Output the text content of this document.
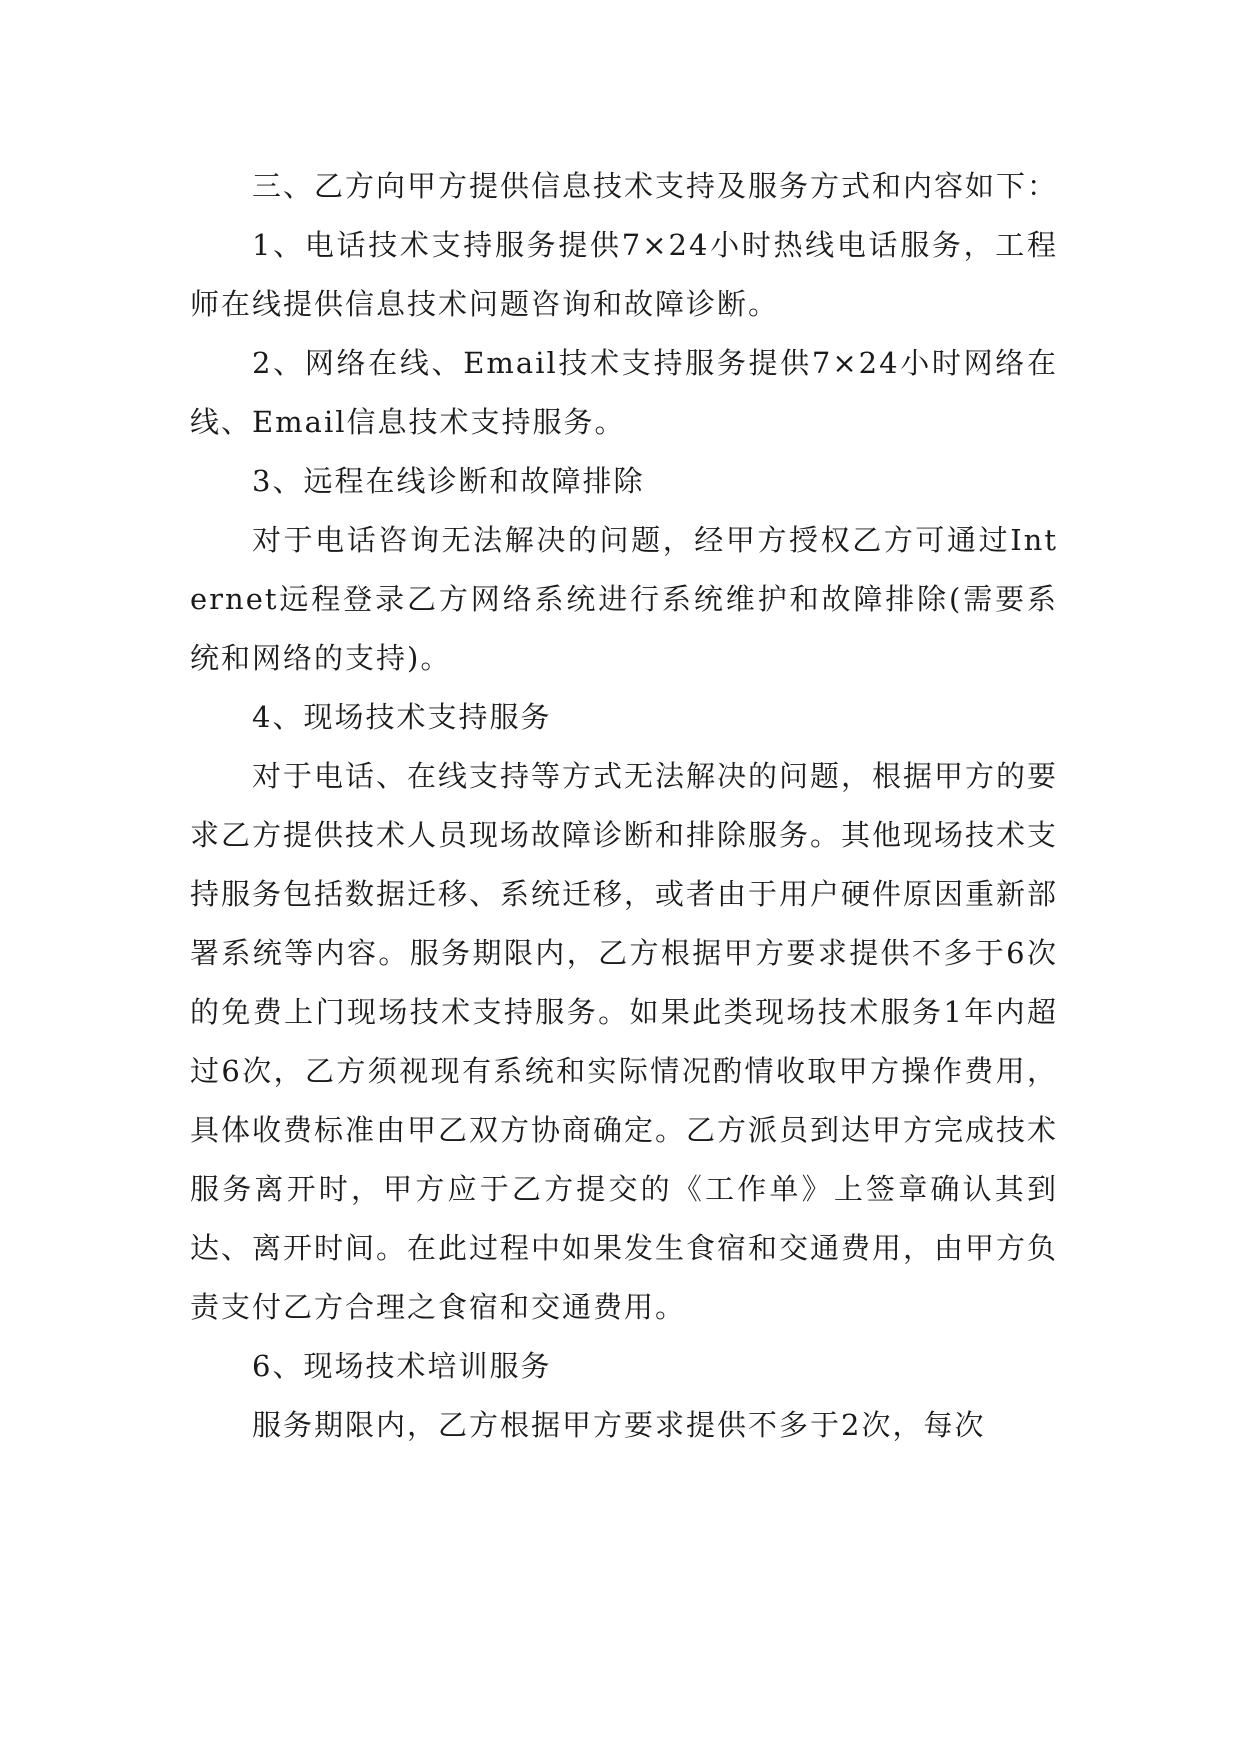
三、乙方向甲方提供信息技术支持及服务方式和内容如下：

1、电话技术支持服务提供7×24小时热线电话服务，工程师在线提供信息技术问题咨询和故障诊断。

2、网络在线、Email技术支持服务提供7×24小时网络在线、Email信息技术支持服务。

3、远程在线诊断和故障排除

对于电话咨询无法解决的问题，经甲方授权乙方可通过Internet远程登录乙方网络系统进行系统维护和故障排除(需要系统和网络的支持)。

4、现场技术支持服务

对于电话、在线支持等方式无法解决的问题，根据甲方的要求乙方提供技术人员现场故障诊断和排除服务。其他现场技术支持服务包括数据迁移、系统迁移，或者由于用户硬件原因重新部署系统等内容。服务期限内，乙方根据甲方要求提供不多于6次的免费上门现场技术支持服务。如果此类现场技术服务1年内超过6次，乙方须视现有系统和实际情况酌情收取甲方操作费用，具体收费标准由甲乙双方协商确定。乙方派员到达甲方完成技术服务离开时，甲方应于乙方提交的《工作单》上签章确认其到达、离开时间。在此过程中如果发生食宿和交通费用，由甲方负责支付乙方合理之食宿和交通费用。

6、现场技术培训服务

服务期限内，乙方根据甲方要求提供不多于2次，每次
